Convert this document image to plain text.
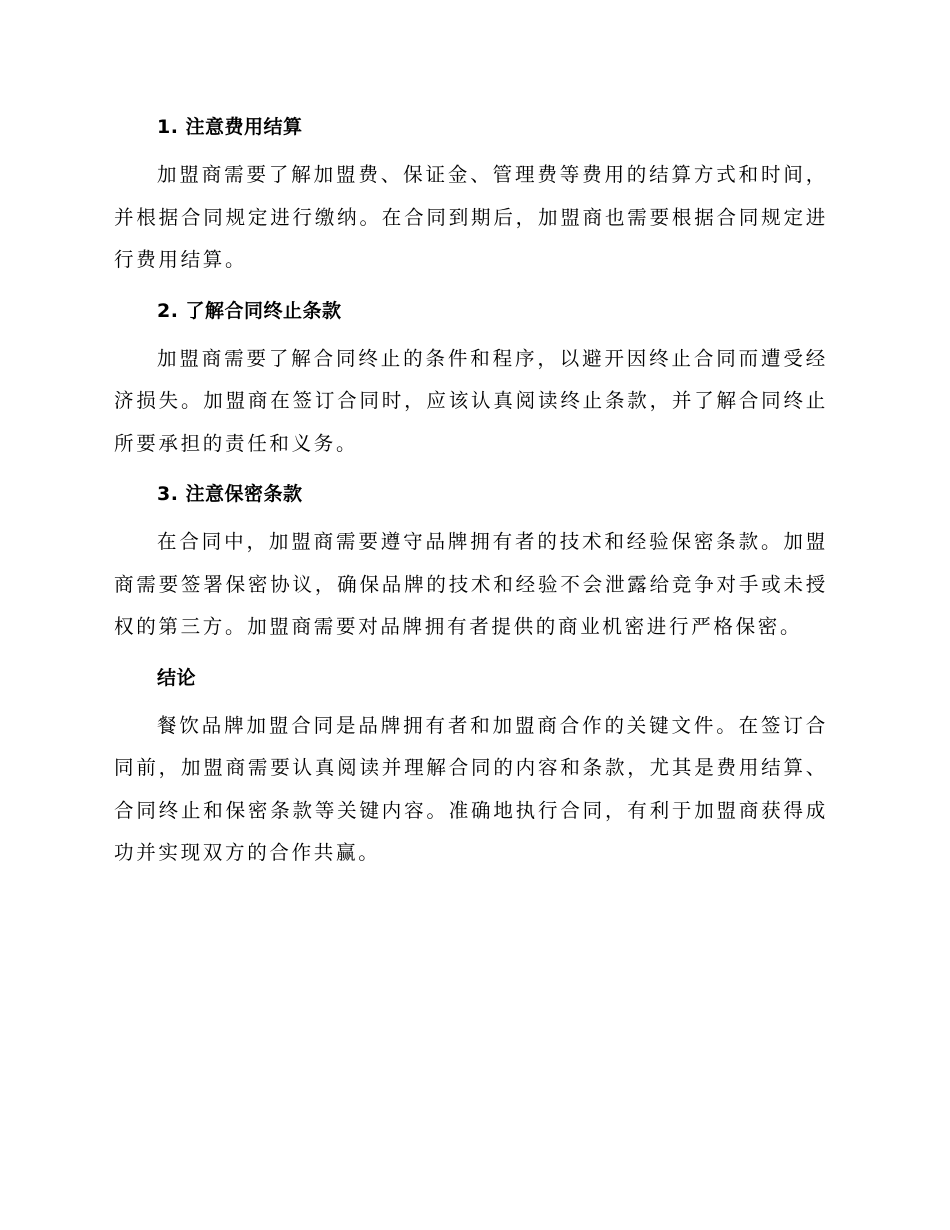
1. 注意费用结算

加盟商需要了解加盟费、保证金、管理费等费用的结算方式和时间，并根据合同规定进行缴纳。在合同到期后，加盟商也需要根据合同规定进行费用结算。

2. 了解合同终止条款

加盟商需要了解合同终止的条件和程序，以避开因终止合同而遭受经济损失。加盟商在签订合同时，应该认真阅读终止条款，并了解合同终止所要承担的责任和义务。

3. 注意保密条款

在合同中，加盟商需要遵守品牌拥有者的技术和经验保密条款。加盟商需要签署保密协议，确保品牌的技术和经验不会泄露给竞争对手或未授权的第三方。加盟商需要对品牌拥有者提供的商业机密进行严格保密。

结论

餐饮品牌加盟合同是品牌拥有者和加盟商合作的关键文件。在签订合同前，加盟商需要认真阅读并理解合同的内容和条款，尤其是费用结算、合同终止和保密条款等关键内容。准确地执行合同，有利于加盟商获得成功并实现双方的合作共赢。
